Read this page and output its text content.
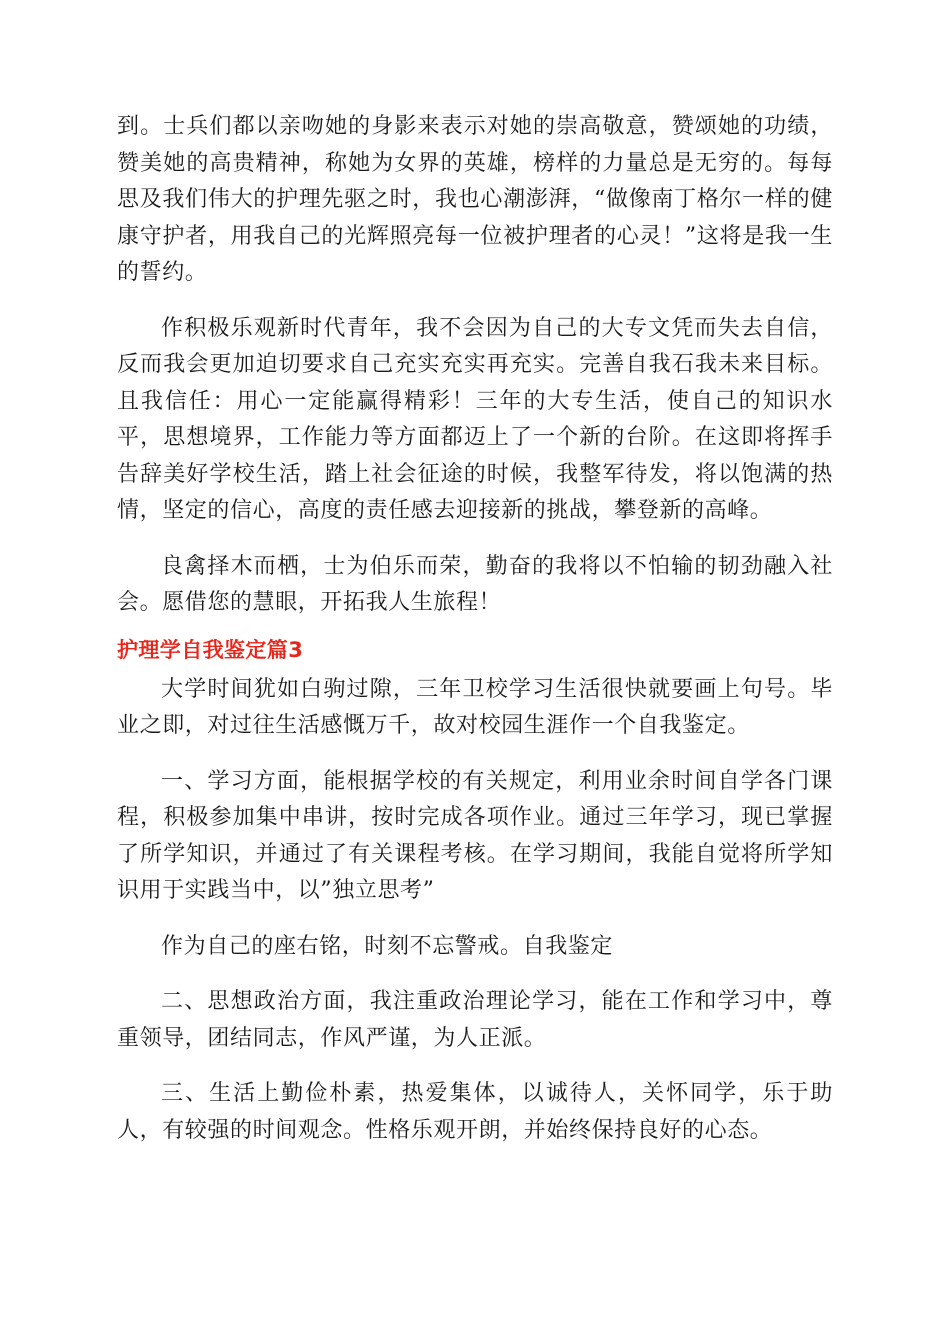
到。士兵们都以亲吻她的身影来表示对她的崇高敬意，赞颂她的功绩，赞美她的高贵精神，称她为女界的英雄，榜样的力量总是无穷的。每每思及我们伟大的护理先驱之时，我也心潮澎湃，“做像南丁格尔一样的健康守护者，用我自己的光辉照亮每一位被护理者的心灵！”这将是我一生的誓约。

作积极乐观新时代青年，我不会因为自己的大专文凭而失去自信，反而我会更加迫切要求自己充实充实再充实。完善自我石我未来目标。且我信任：用心一定能赢得精彩！三年的大专生活，使自己的知识水平，思想境界，工作能力等方面都迈上了一个新的台阶。在这即将挥手告辞美好学校生活，踏上社会征途的时候，我整军待发，将以饱满的热情，坚定的信心，高度的责任感去迎接新的挑战，攀登新的高峰。

良禽择木而栖，士为伯乐而荣，勤奋的我将以不怕输的韧劲融入社会。愿借您的慧眼，开拓我人生旅程！

护理学自我鉴定篇3

大学时间犹如白驹过隙，三年卫校学习生活很快就要画上句号。毕业之即，对过往生活感慨万千，故对校园生涯作一个自我鉴定。

一、学习方面，能根据学校的有关规定，利用业余时间自学各门课程，积极参加集中串讲，按时完成各项作业。通过三年学习，现已掌握了所学知识，并通过了有关课程考核。在学习期间，我能自觉将所学知识用于实践当中，以”独立思考”

作为自己的座右铭，时刻不忘警戒。自我鉴定

二、思想政治方面，我注重政治理论学习，能在工作和学习中，尊重领导，团结同志，作风严谨，为人正派。

三、生活上勤俭朴素，热爱集体，以诚待人，关怀同学，乐于助人，有较强的时间观念。性格乐观开朗，并始终保持良好的心态。
